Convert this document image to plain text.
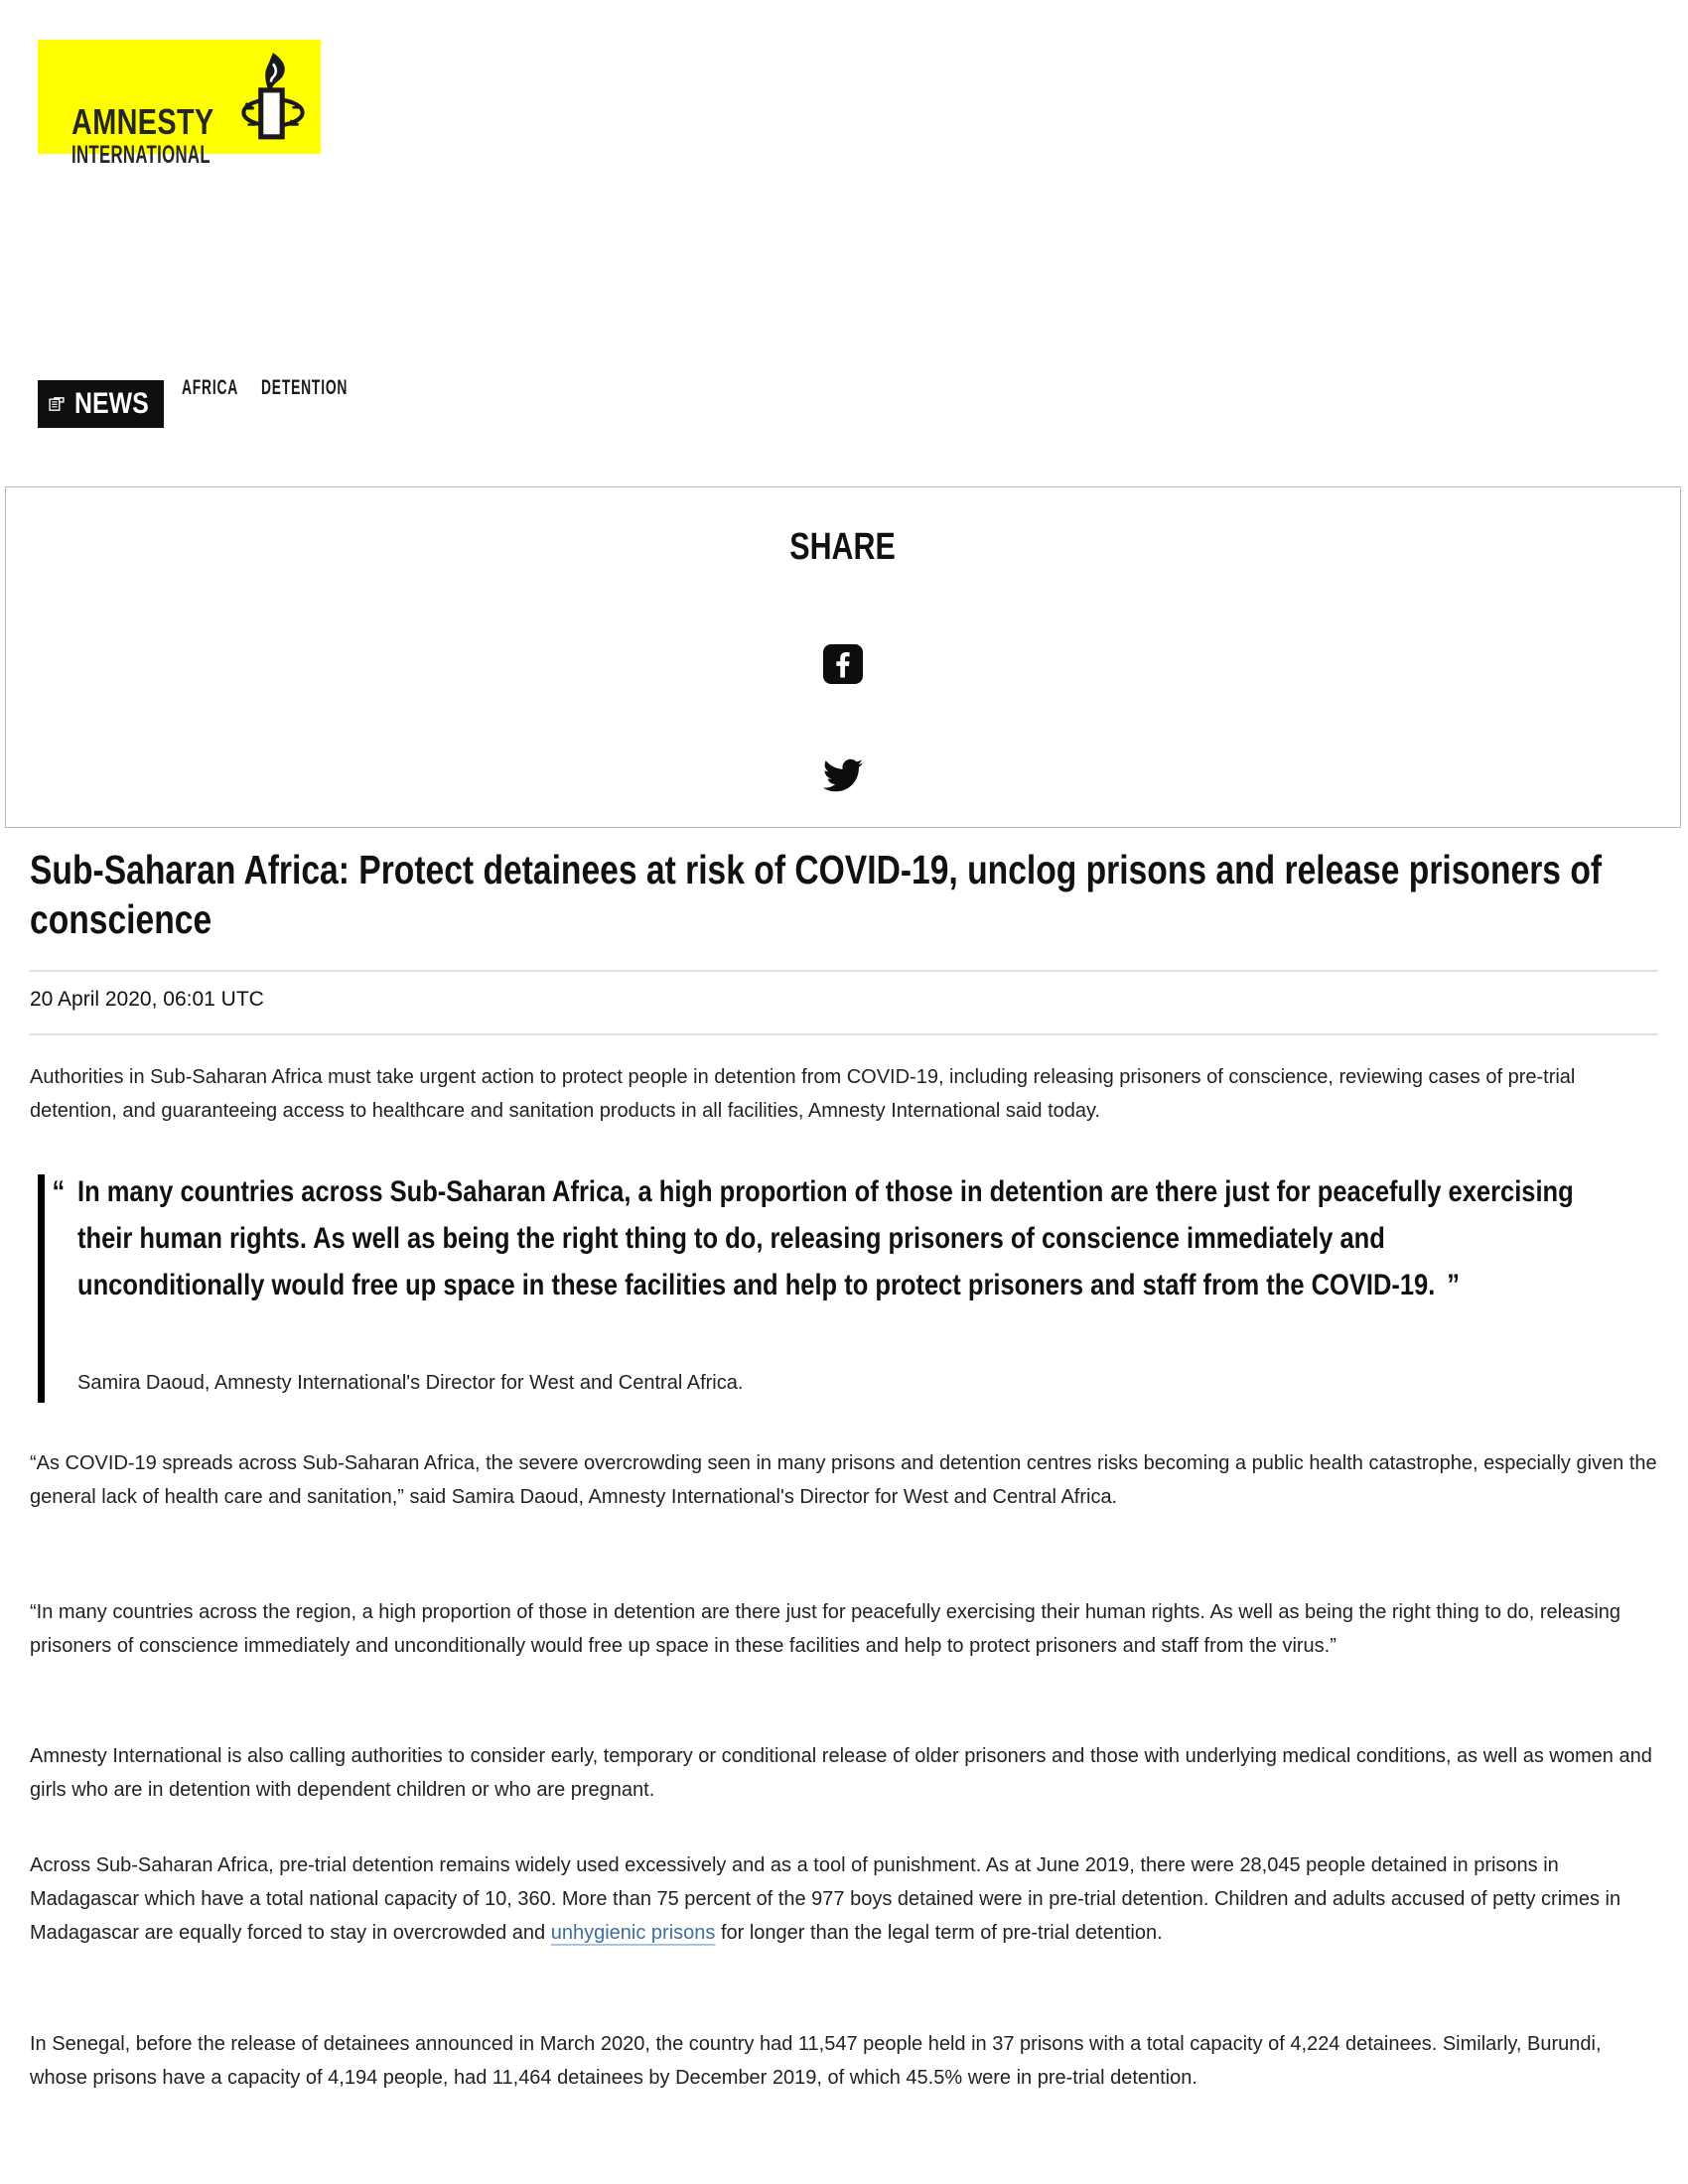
AMNESTY
INTERNATIONAL
NEWS AFRICA DETENTION
SHARE
Sub-Saharan Africa: Protect detainees at risk of COVID-19, unclog prisons and release prisoners of conscience
20 April 2020, 06:01 UTC
Authorities in Sub-Saharan Africa must take urgent action to protect people in detention from COVID-19, including releasing prisoners of conscience, reviewing cases of pre-trial detention, and guaranteeing access to healthcare and sanitation products in all facilities, Amnesty International said today.
“ In many countries across Sub-Saharan Africa, a high proportion of those in detention are there just for peacefully exercising their human rights. As well as being the right thing to do, releasing prisoners of conscience immediately and unconditionally would free up space in these facilities and help to protect prisoners and staff from the COVID-19. ”
Samira Daoud, Amnesty International's Director for West and Central Africa.
“As COVID-19 spreads across Sub-Saharan Africa, the severe overcrowding seen in many prisons and detention centres risks becoming a public health catastrophe, especially given the general lack of health care and sanitation,” said Samira Daoud, Amnesty International's Director for West and Central Africa.
“In many countries across the region, a high proportion of those in detention are there just for peacefully exercising their human rights. As well as being the right thing to do, releasing prisoners of conscience immediately and unconditionally would free up space in these facilities and help to protect prisoners and staff from the virus.”
Amnesty International is also calling authorities to consider early, temporary or conditional release of older prisoners and those with underlying medical conditions, as well as women and girls who are in detention with dependent children or who are pregnant.
Across Sub-Saharan Africa, pre-trial detention remains widely used excessively and as a tool of punishment. As at June 2019, there were 28,045 people detained in prisons in Madagascar which have a total national capacity of 10, 360. More than 75 percent of the 977 boys detained were in pre-trial detention. Children and adults accused of petty crimes in Madagascar are equally forced to stay in overcrowded and unhygienic prisons for longer than the legal term of pre-trial detention.
In Senegal, before the release of detainees announced in March 2020, the country had 11,547 people held in 37 prisons with a total capacity of 4,224 detainees. Similarly, Burundi, whose prisons have a capacity of 4,194 people, had 11,464 detainees by December 2019, of which 45.5% were in pre-trial detention.
